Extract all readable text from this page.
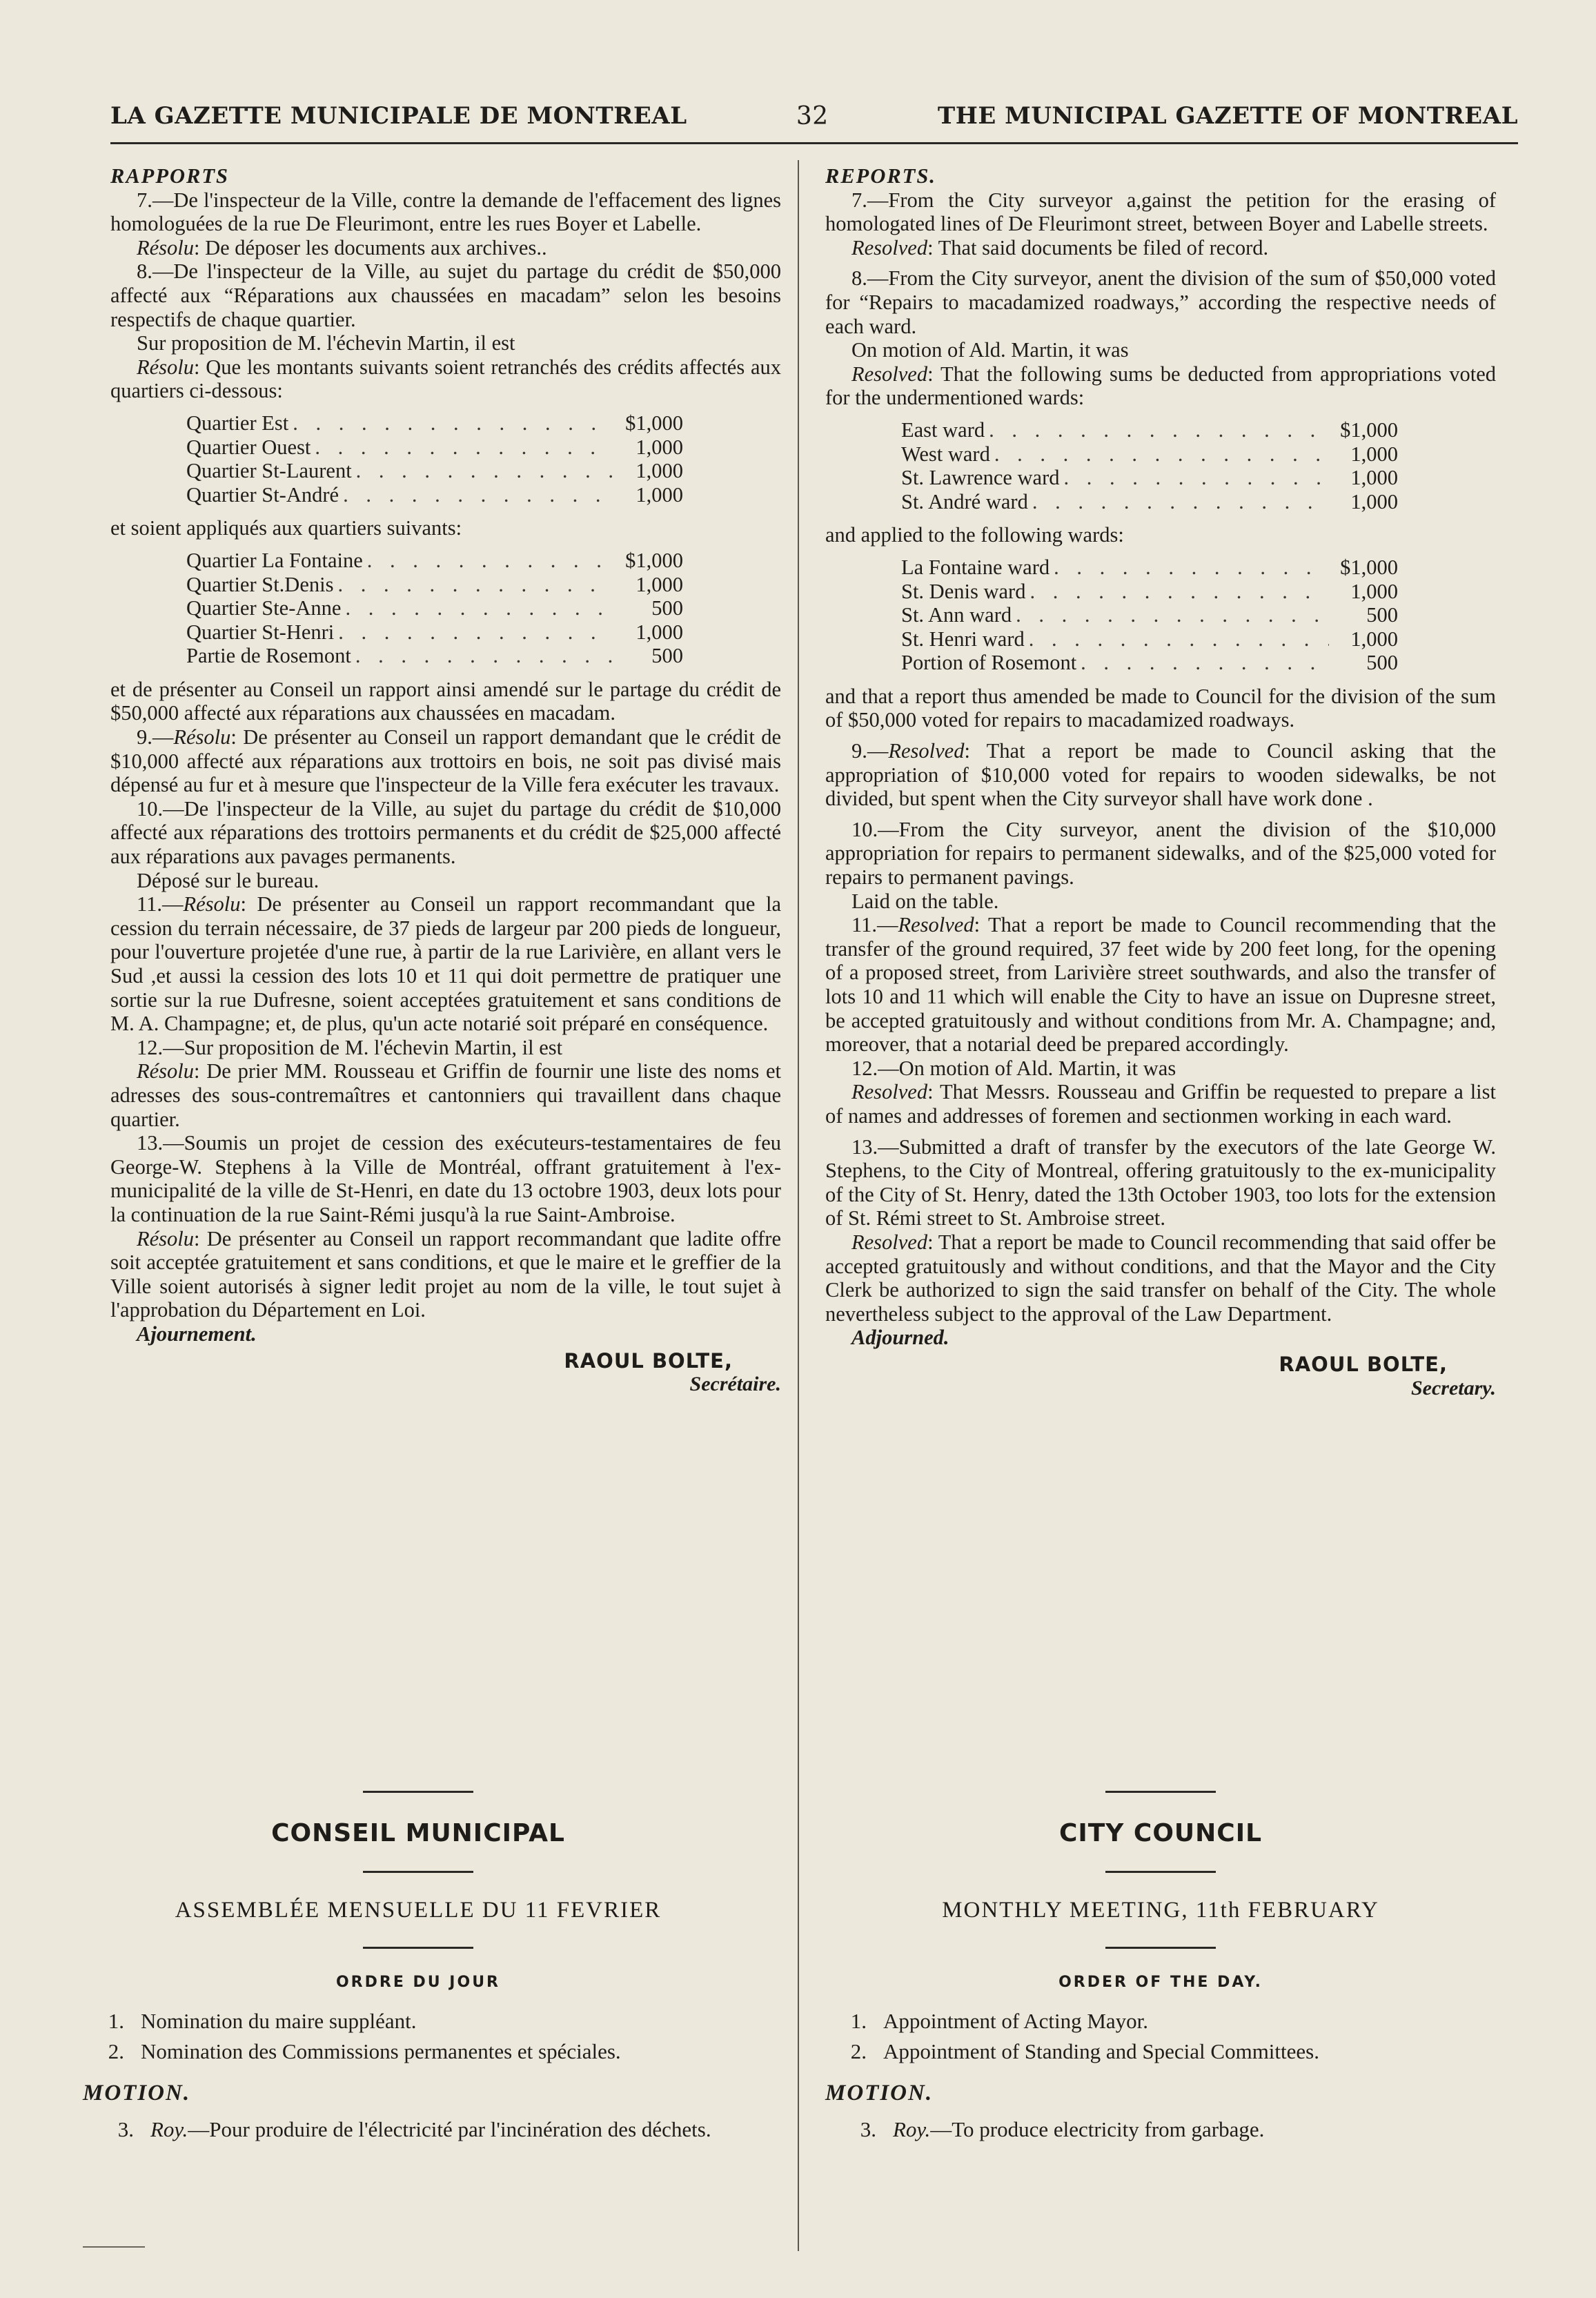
LA GAZETTE MUNICIPALE DE MONTREAL	32	THE MUNICIPAL GAZETTE OF MONTREAL

RAPPORTS

7.—De l'inspecteur de la Ville, contre la demande de l'effacement des lignes homologuées de la rue De Fleurimont, entre les rues Boyer et Labelle.

Résolu: De déposer les documents aux archives..

8.—De l'inspecteur de la Ville, au sujet du partage du crédit de $50,000 affecté aux “Réparations aux chaussées en macadam” selon les besoins respectifs de chaque quartier.

Sur proposition de M. l'échevin Martin, il est

Résolu: Que les montants suivants soient retranchés des crédits affectés aux quartiers ci-dessous:

Quartier Est . . .	$1,000
Quartier Ouest . . .	1,000
Quartier St-Laurent . . .	1,000
Quartier St-André . . .	1,000

et soient appliqués aux quartiers suivants:

Quartier La Fontaine . . .	$1,000
Quartier St.Denis . . .	1,000
Quartier Ste-Anne . . .	500
Quartier St-Henri . . .	1,000
Partie de Rosemont . . .	500

et de présenter au Conseil un rapport ainsi amendé sur le partage du crédit de $50,000 affecté aux réparations aux chaussées en macadam.

9.—Résolu: De présenter au Conseil un rapport demandant que le crédit de $10,000 affecté aux réparations aux trottoirs en bois, ne soit pas divisé mais dépensé au fur et à mesure que l'inspecteur de la Ville fera exécuter les travaux.

10.—De l'inspecteur de la Ville, au sujet du partage du crédit de $10,000 affecté aux réparations des trottoirs permanents et du crédit de $25,000 affecté aux réparations aux pavages permanents.

Déposé sur le bureau.

11.—Résolu: De présenter au Conseil un rapport recommandant que la cession du terrain nécessaire, de 37 pieds de largeur par 200 pieds de longueur, pour l'ouverture projetée d'une rue, à partir de la rue Larivière, en allant vers le Sud ,et aussi la cession des lots 10 et 11 qui doit permettre de pratiquer une sortie sur la rue Dufresne, soient acceptées gratuitement et sans conditions de M. A. Champagne; et, de plus, qu'un acte notarié soit préparé en conséquence.

12.—Sur proposition de M. l'échevin Martin, il est

Résolu: De prier MM. Rousseau et Griffin de fournir une liste des noms et adresses des sous-contremaîtres et cantonniers qui travaillent dans chaque quartier.

13.—Soumis un projet de cession des exécuteurs-testamentaires de feu George-W. Stephens à la Ville de Montréal, offrant gratuitement à l'ex-municipalité de la ville de St-Henri, en date du 13 octobre 1903, deux lots pour la continuation de la rue Saint-Rémi jusqu'à la rue Saint-Ambroise.

Résolu: De présenter au Conseil un rapport recommandant que ladite offre soit acceptée gratuitement et sans conditions, et que le maire et le greffier de la Ville soient autorisés à signer ledit projet au nom de la ville, le tout sujet à l'approbation du Département en Loi.

Ajournement.

RAOUL BOLTE,
Secrétaire.

REPORTS.

7.—From the City surveyor a,gainst the petition for the erasing of homologated lines of De Fleurimont street, between Boyer and Labelle streets.

Resolved: That said documents be filed of record.

8.—From the City surveyor, anent the division of the sum of $50,000 voted for “Repairs to macadamized roadways,” according the respective needs of each ward.

On motion of Ald. Martin, it was

Resolved: That the following sums be deducted from appropriations voted for the undermentioned wards:

East ward . . .	$1,000
West ward . . .	1,000
St. Lawrence ward . . .	1,000
St. André ward . . .	1,000

and applied to the following wards:

La Fontaine ward . . .	$1,000
St. Denis ward . . .	1,000
St. Ann ward . . .	500
St. Henri ward . . .	1,000
Portion of Rosemont . . .	500

and that a report thus amended be made to Council for the division of the sum of $50,000 voted for repairs to macadamized roadways.

9.—Resolved: That a report be made to Council asking that the appropriation of $10,000 voted for repairs to wooden sidewalks, be not divided, but spent when the City surveyor shall have work done .

10.—From the City surveyor, anent the division of the $10,000 appropriation for repairs to permanent sidewalks, and of the $25,000 voted for repairs to permanent pavings.

Laid on the table.

11.—Resolved: That a report be made to Council recommending that the transfer of the ground required, 37 feet wide by 200 feet long, for the opening of a proposed street, from Larivière street southwards, and also the transfer of lots 10 and 11 which will enable the City to have an issue on Dupresne street, be accepted gratuitously and without conditions from Mr. A. Champagne; and, moreover, that a notarial deed be prepared accordingly.

12.—On motion of Ald. Martin, it was

Resolved: That Messrs. Rousseau and Griffin be requested to prepare a list of names and addresses of foremen and sectionmen working in each ward.

13.—Submitted a draft of transfer by the executors of the late George W. Stephens, to the City of Montreal, offering gratuitously to the ex-municipality of the City of St. Henry, dated the 13th October 1903, too lots for the extension of St. Rémi street to St. Ambroise street.

Resolved: That a report be made to Council recommending that said offer be accepted gratuitously and without conditions, and that the Mayor and the City Clerk be authorized to sign the said transfer on behalf of the City. The whole nevertheless subject to the approval of the Law Department.

Adjourned.

RAOUL BOLTE,
Secretary.
CONSEIL MUNICIPAL
ASSEMBLÉE MENSUELLE DU 11 FEVRIER
ORDRE DU JOUR
1. Nomination du maire suppléant.
2. Nomination des Commissions permanentes et spéciales.
MOTION.
3. Roy.—Pour produire de l'électricité par l'incinération des déchets.
CITY COUNCIL
MONTHLY MEETING, 11th FEBRUARY
ORDER OF THE DAY.
1. Appointment of Acting Mayor.
2. Appointment of Standing and Special Committees.
MOTION.
3. Roy.—To produce electricity from garbage.
